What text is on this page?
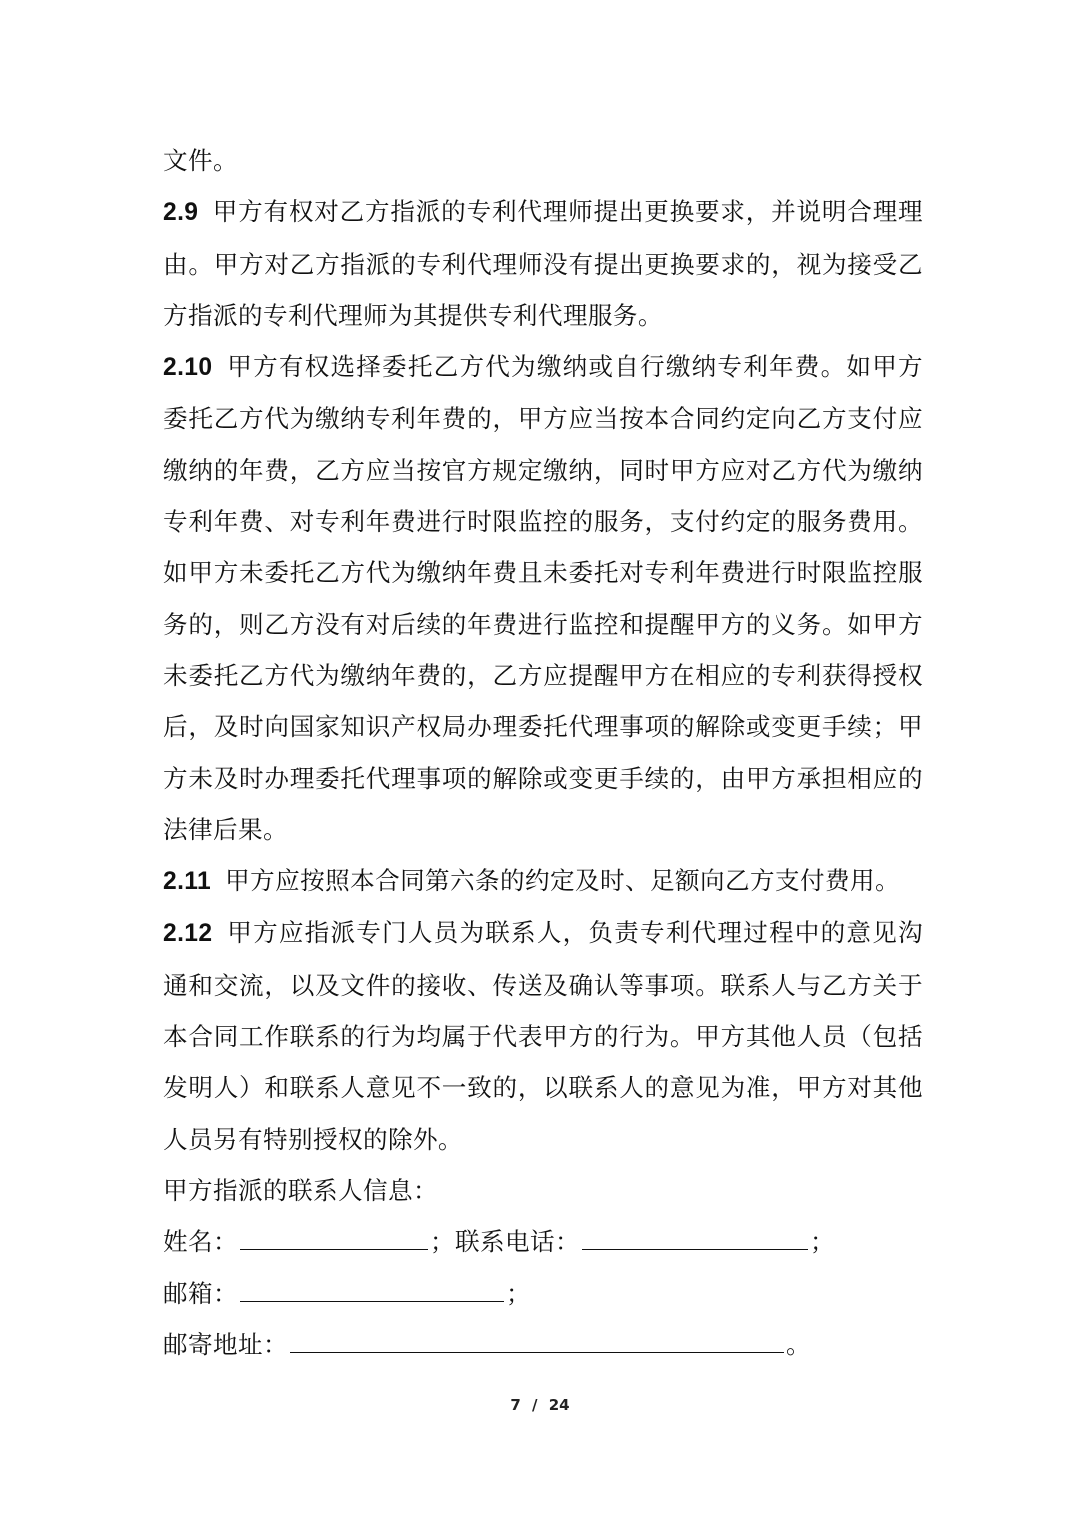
文件。

2.9 甲方有权对乙方指派的专利代理师提出更换要求，并说明合理理由。甲方对乙方指派的专利代理师没有提出更换要求的，视为接受乙方指派的专利代理师为其提供专利代理服务。

2.10 甲方有权选择委托乙方代为缴纳或自行缴纳专利年费。如甲方委托乙方代为缴纳专利年费的，甲方应当按本合同约定向乙方支付应缴纳的年费，乙方应当按官方规定缴纳，同时甲方应对乙方代为缴纳专利年费、对专利年费进行时限监控的服务，支付约定的服务费用。如甲方未委托乙方代为缴纳年费且未委托对专利年费进行时限监控服务的，则乙方没有对后续的年费进行监控和提醒甲方的义务。如甲方未委托乙方代为缴纳年费的，乙方应提醒甲方在相应的专利获得授权后，及时向国家知识产权局办理委托代理事项的解除或变更手续；甲方未及时办理委托代理事项的解除或变更手续的，由甲方承担相应的法律后果。

2.11 甲方应按照本合同第六条的约定及时、足额向乙方支付费用。

2.12 甲方应指派专门人员为联系人，负责专利代理过程中的意见沟通和交流，以及文件的接收、传送及确认等事项。联系人与乙方关于本合同工作联系的行为均属于代表甲方的行为。甲方其他人员（包括发明人）和联系人意见不一致的，以联系人的意见为准，甲方对其他人员另有特别授权的除外。

甲方指派的联系人信息：

姓名：	；联系电话：	；
邮箱：	；
邮寄地址：	。
7 / 24
